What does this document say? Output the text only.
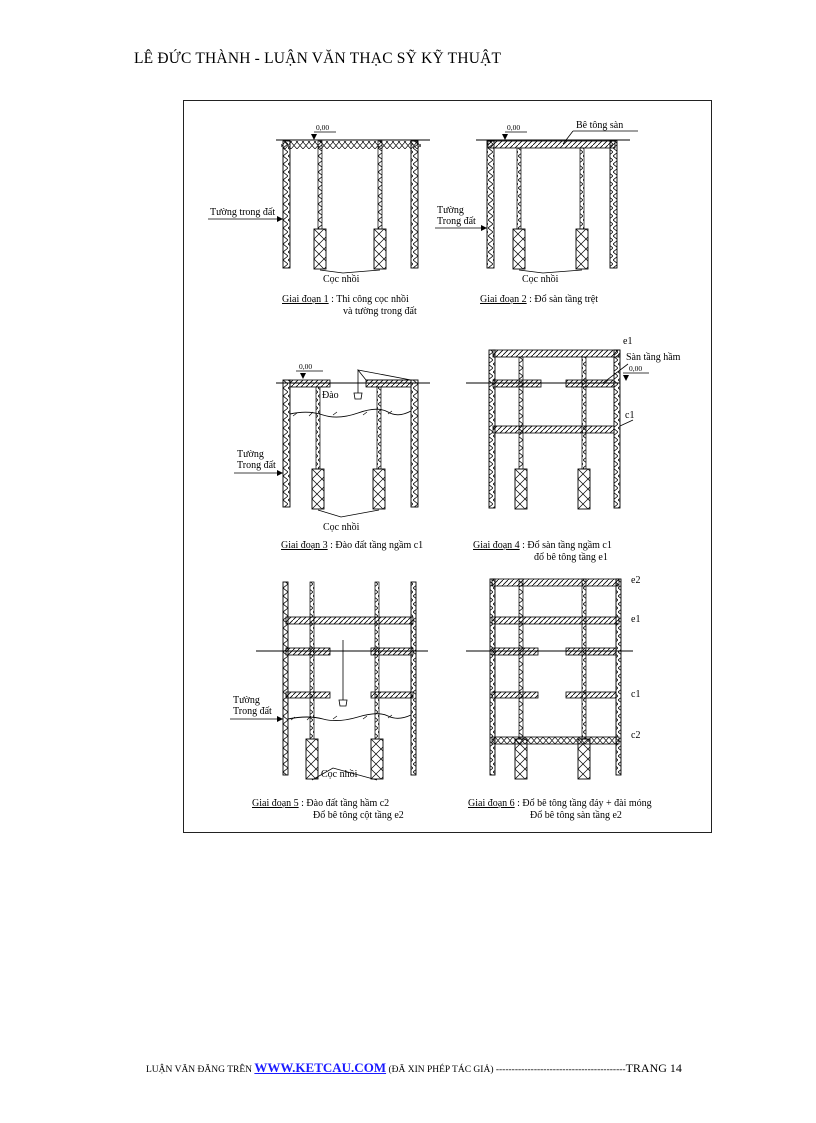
LÊ ĐỨC THÀNH - LUẬN VĂN THẠC SỸ KỸ THUẬT
0,00
Tường trong đất
Cọc nhồi
Giai đoạn 1 : Thi công cọc nhồi
và tường trong đất
0,00	Bê tông sàn
Tường
Trong đất
Cọc nhồi
Giai đoạn 2 : Đổ sàn tầng trệt
0,00
Đào
Tường
Trong đất
Cọc nhồi
Giai đoạn 3 : Đào đất tầng ngầm c1
e1
Sàn tầng hầm
0,00
c1
Giai đoạn 4 : Đổ sàn tầng ngầm c1
đổ bê tông tầng e1
Tường
Trong đất
Cọc nhồi
Giai đoạn 5 : Đào đất tầng hầm c2
Đổ bê tông cột tầng e2
e2
e1
c1
c2
Giai đoạn 6 : Đổ bê tông tầng đáy + đài móng
Đổ bê tông sàn tầng e2
LUẬN VĂN ĐĂNG TRÊN WWW.KETCAU.COM (ĐÃ XIN PHÉP TÁC GIẢ) -----------------------------------------TRANG 14
